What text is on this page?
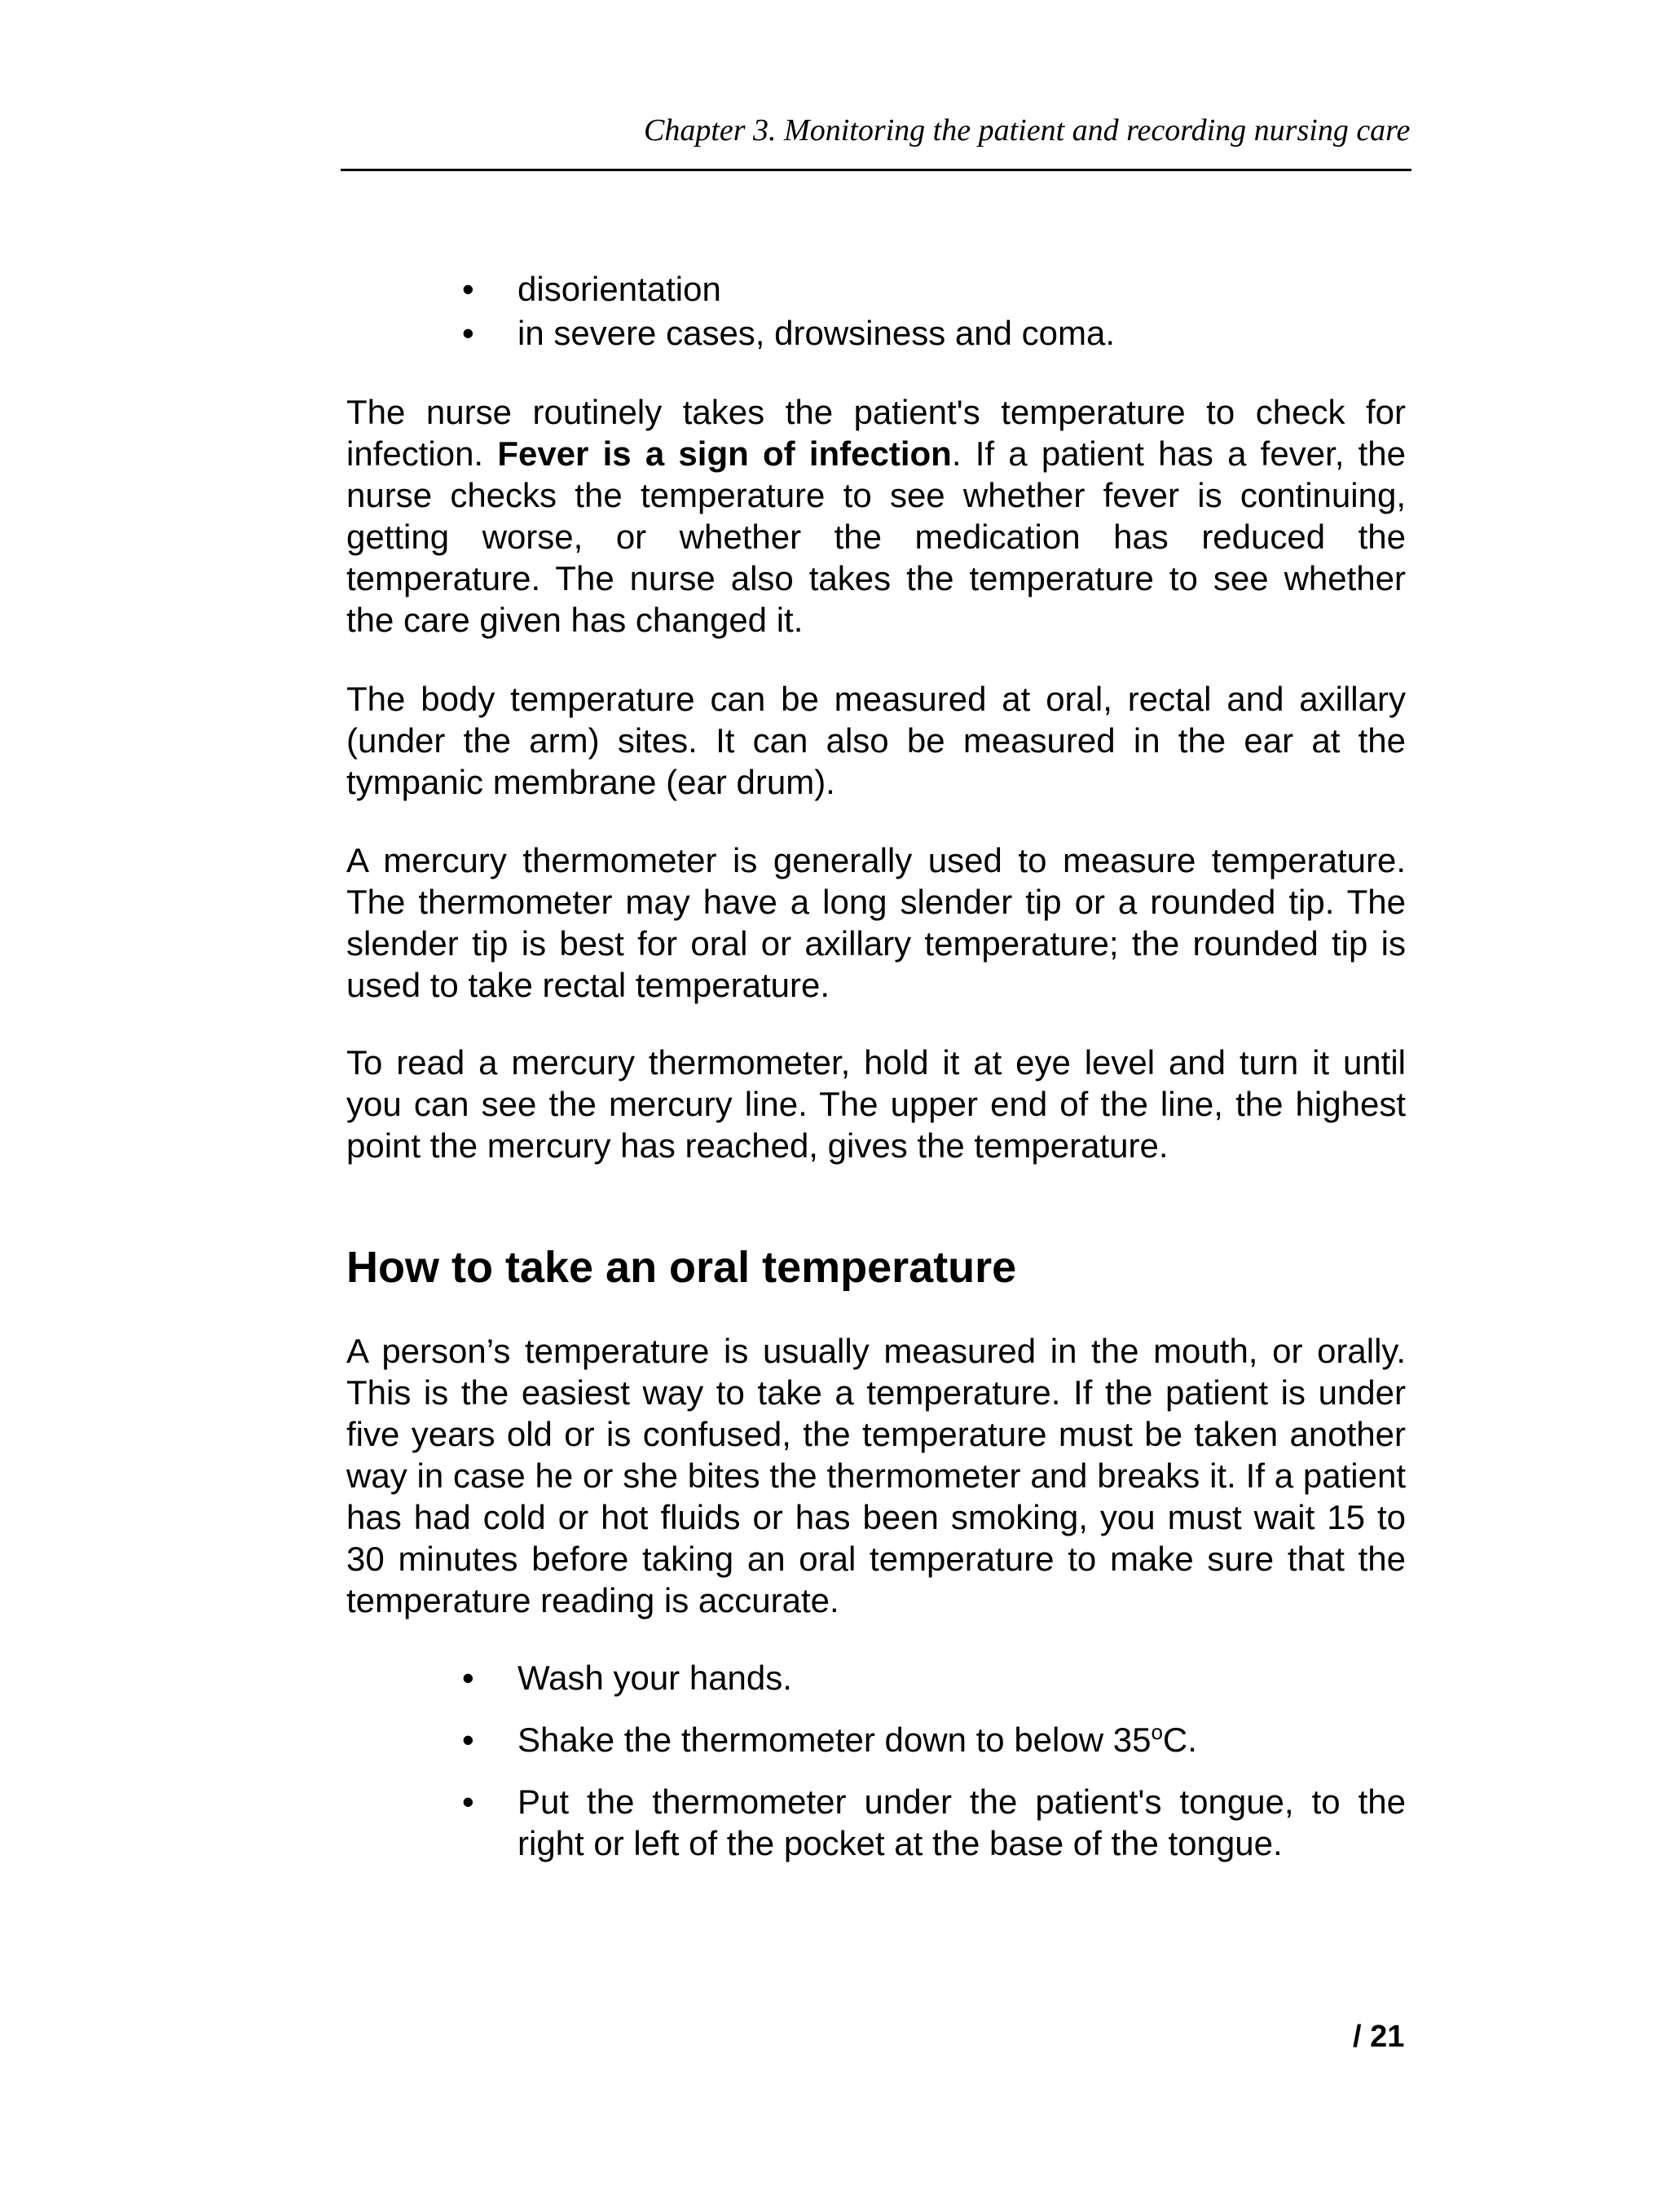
Chapter 3. Monitoring the patient and recording nursing care
• disorientation
• in severe cases, drowsiness and coma.

The nurse routinely takes the patient's temperature to check for infection. Fever is a sign of infection. If a patient has a fever, the nurse checks the temperature to see whether fever is continuing, getting worse, or whether the medication has reduced the temperature. The nurse also takes the temperature to see whether the care given has changed it.

The body temperature can be measured at oral, rectal and axillary (under the arm) sites. It can also be measured in the ear at the tympanic membrane (ear drum).

A mercury thermometer is generally used to measure temperature. The thermometer may have a long slender tip or a rounded tip. The slender tip is best for oral or axillary temperature; the rounded tip is used to take rectal temperature.

To read a mercury thermometer, hold it at eye level and turn it until you can see the mercury line. The upper end of the line, the highest point the mercury has reached, gives the temperature.

How to take an oral temperature

A person’s temperature is usually measured in the mouth, or orally. This is the easiest way to take a temperature. If the patient is under five years old or is confused, the temperature must be taken another way in case he or she bites the thermometer and breaks it. If a patient has had cold or hot fluids or has been smoking, you must wait 15 to 30 minutes before taking an oral temperature to make sure that the temperature reading is accurate.

• Wash your hands.
• Shake the thermometer down to below 35$^o$C.
• Put the thermometer under the patient's tongue, to the right or left of the pocket at the base of the tongue.
/ 21
